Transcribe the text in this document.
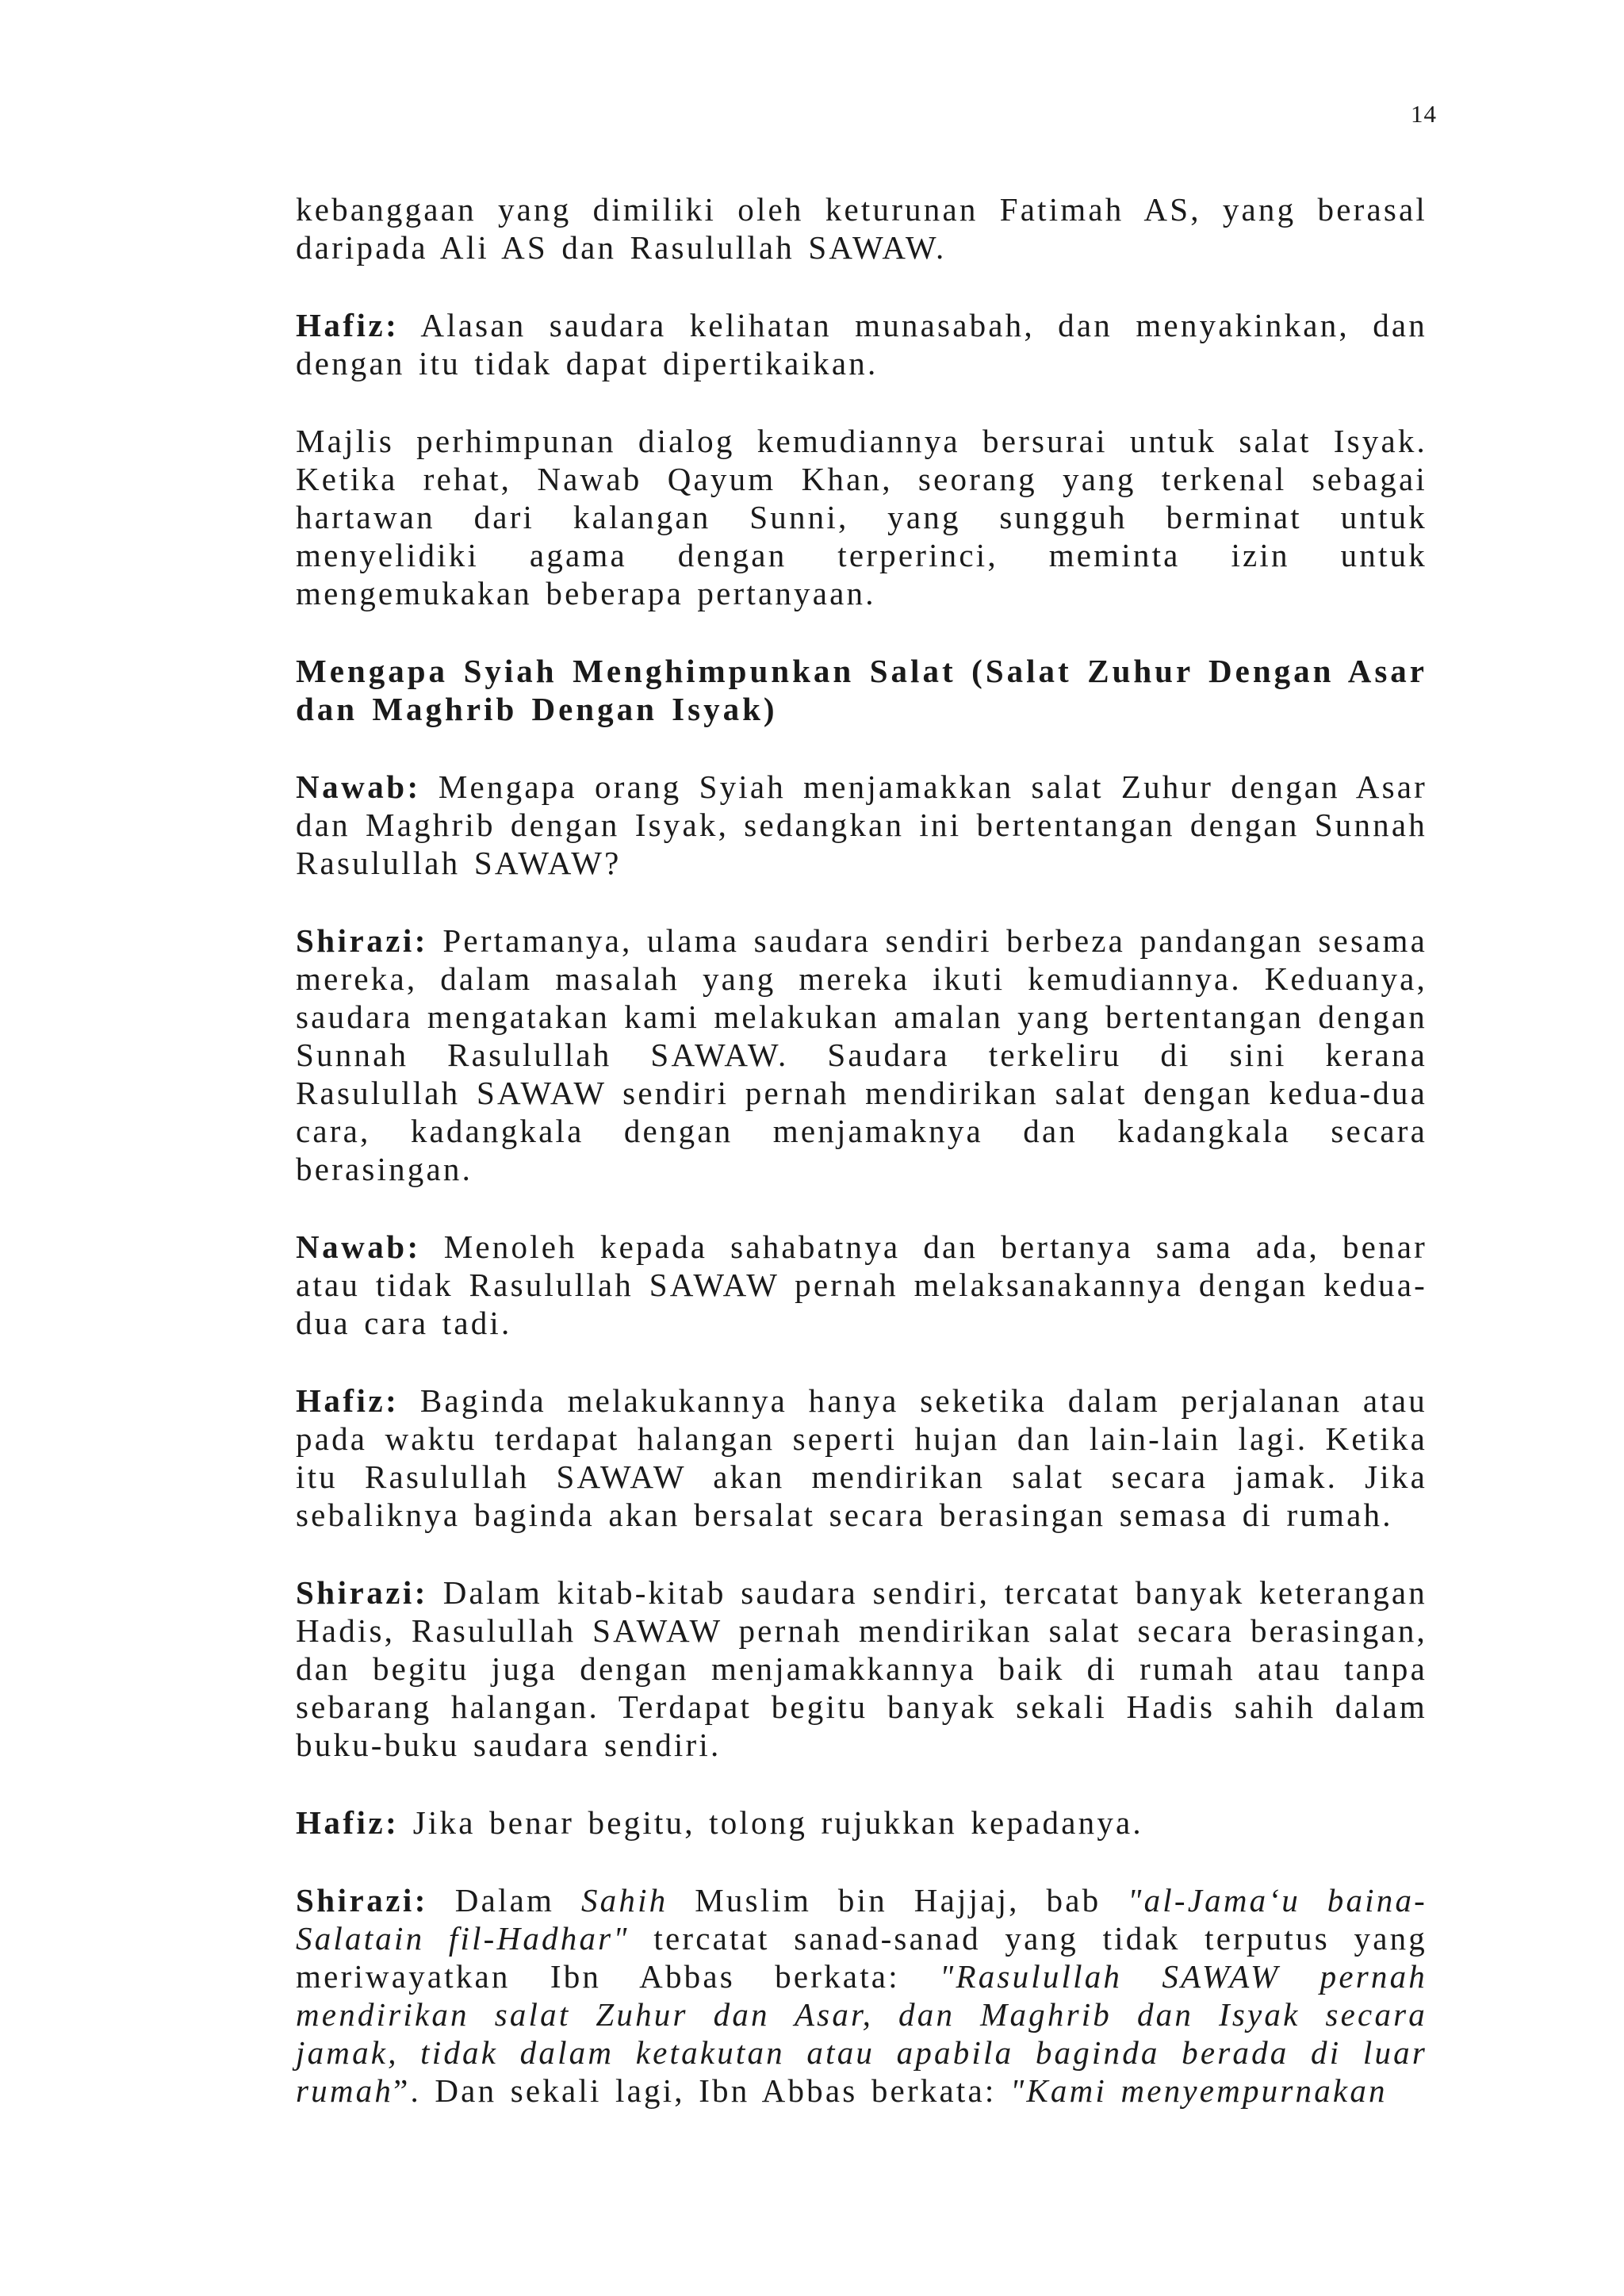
14

kebanggaan yang dimiliki oleh keturunan Fatimah AS, yang berasal daripada Ali AS dan Rasulullah SAWAW.

Hafiz: Alasan saudara kelihatan munasabah, dan menyakinkan, dan dengan itu tidak dapat dipertikaikan.

Majlis perhimpunan dialog kemudiannya bersurai untuk salat Isyak. Ketika rehat, Nawab Qayum Khan, seorang yang terkenal sebagai hartawan dari kalangan Sunni, yang sungguh berminat untuk menyelidiki agama dengan terperinci, meminta izin untuk mengemukakan beberapa pertanyaan.

Mengapa Syiah Menghimpunkan Salat (Salat Zuhur Dengan Asar dan Maghrib Dengan Isyak)

Nawab: Mengapa orang Syiah menjamakkan salat Zuhur dengan Asar dan Maghrib dengan Isyak, sedangkan ini bertentangan dengan Sunnah Rasulullah SAWAW?

Shirazi: Pertamanya, ulama saudara sendiri berbeza pandangan sesama mereka, dalam masalah yang mereka ikuti kemudiannya. Keduanya, saudara mengatakan kami melakukan amalan yang bertentangan dengan Sunnah Rasulullah SAWAW. Saudara terkeliru di sini kerana Rasulullah SAWAW sendiri pernah mendirikan salat dengan kedua-dua cara, kadangkala dengan menjamaknya dan kadangkala secara berasingan.

Nawab: Menoleh kepada sahabatnya dan bertanya sama ada, benar atau tidak Rasulullah SAWAW pernah melaksanakannya dengan kedua-dua cara tadi.

Hafiz: Baginda melakukannya hanya seketika dalam perjalanan atau pada waktu terdapat halangan seperti hujan dan lain-lain lagi. Ketika itu Rasulullah SAWAW akan mendirikan salat secara jamak. Jika sebaliknya baginda akan bersalat secara berasingan semasa di rumah.

Shirazi: Dalam kitab-kitab saudara sendiri, tercatat banyak keterangan Hadis, Rasulullah SAWAW pernah mendirikan salat secara berasingan, dan begitu juga dengan menjamakkannya baik di rumah atau tanpa sebarang halangan. Terdapat begitu banyak sekali Hadis sahih dalam buku-buku saudara sendiri.

Hafiz: Jika benar begitu, tolong rujukkan kepadanya.

Shirazi: Dalam Sahih Muslim bin Hajjaj, bab "al-Jama‘u baina-Salatain fil-Hadhar" tercatat sanad-sanad yang tidak terputus yang meriwayatkan Ibn Abbas berkata: "Rasulullah SAWAW pernah mendirikan salat Zuhur dan Asar, dan Maghrib dan Isyak secara jamak, tidak dalam ketakutan atau apabila baginda berada di luar rumah”. Dan sekali lagi, Ibn Abbas berkata: "Kami menyempurnakan
